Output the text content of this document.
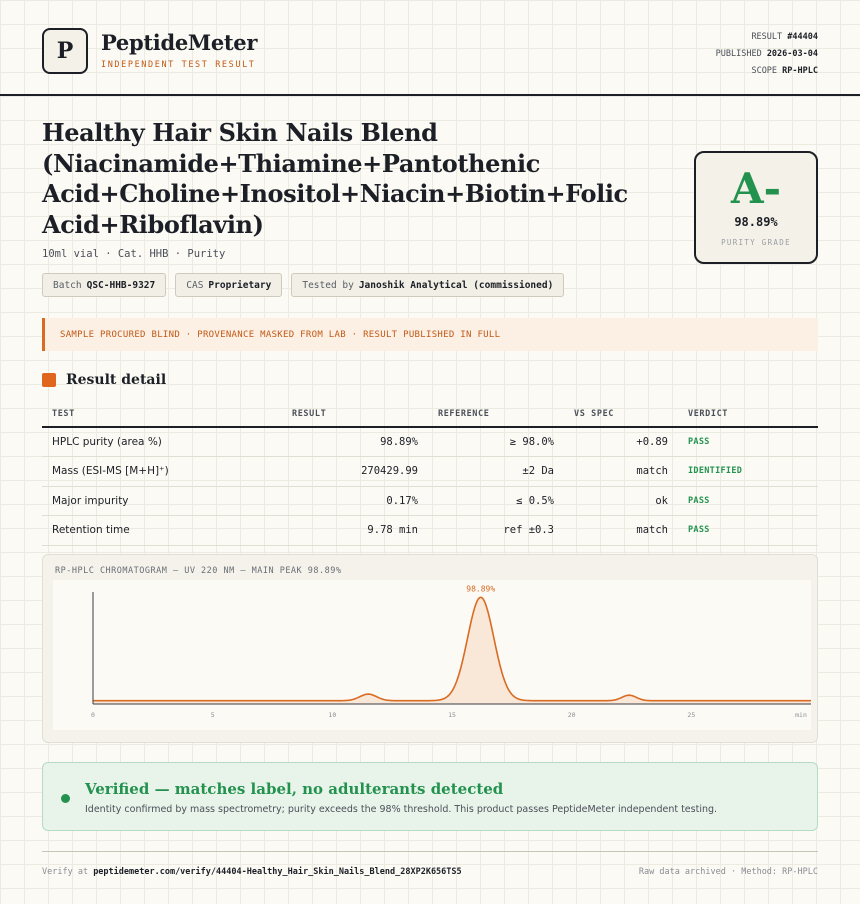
P PeptideMeter
INDEPENDENT TEST RESULT
RESULT #44404
PUBLISHED 2026-03-04
SCOPE RP-HPLC
Healthy Hair Skin Nails Blend (Niacinamide+Thiamine+Pantothenic Acid+Choline+Inositol+Niacin+Biotin+Folic Acid+Riboflavin)
10ml vial · Cat. HHB · Purity
Batch QSC-HHB-9327	CAS Proprietary	Tested by Janoshik Analytical (commissioned)
A-
98.89%
PURITY GRADE
SAMPLE PROCURED BLIND · PROVENANCE MASKED FROM LAB · RESULT PUBLISHED IN FULL
Result detail
TEST	RESULT	REFERENCE	VS SPEC	VERDICT
HPLC purity (area %)	98.89%	≥ 98.0%	+0.89	PASS
Mass (ESI-MS [M+H]⁺)	270429.99	±2 Da	match	IDENTIFIED
Major impurity	0.17%	≤ 0.5%	ok	PASS
Retention time	9.78 min	ref ±0.3	match	PASS
RP-HPLC CHROMATOGRAM — UV 220 NM — MAIN PEAK 98.89%
0	5	10	15	20	25	min
98.89%
Verified — matches label, no adulterants detected
Identity confirmed by mass spectrometry; purity exceeds the 98% threshold. This product passes PeptideMeter independent testing.
Verify at peptidemeter.com/verify/44404-Healthy_Hair_Skin_Nails_Blend_28XP2K656TS5	Raw data archived · Method: RP-HPLC
